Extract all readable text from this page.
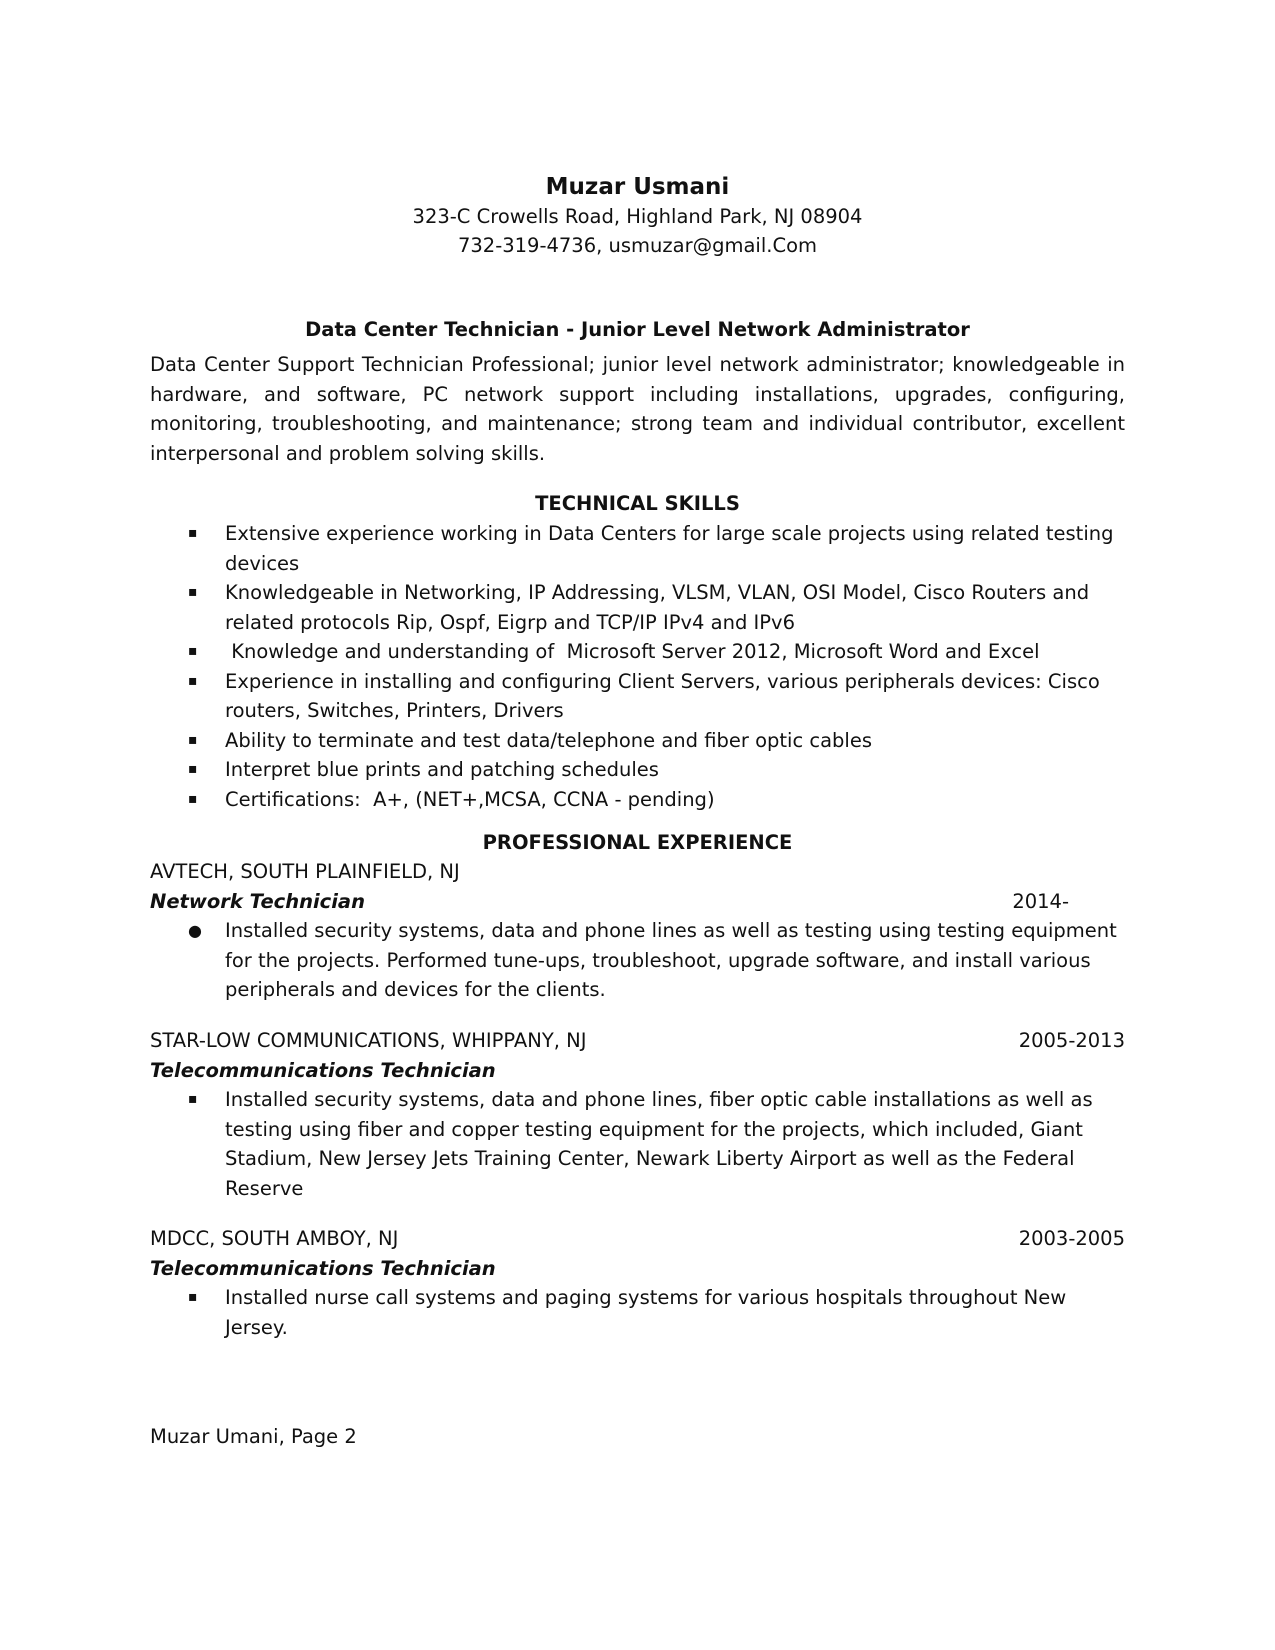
Muzar Usmani
323-C Crowells Road, Highland Park, NJ 08904
732-319-4736, usmuzar@gmail.Com
Data Center Technician - Junior Level Network Administrator
Data Center Support Technician Professional; junior level network administrator; knowledgeable in hardware, and software, PC network support including installations, upgrades, configuring, monitoring, troubleshooting, and maintenance; strong team and individual contributor, excellent interpersonal and problem solving skills.
TECHNICAL SKILLS
▪	Extensive experience working in Data Centers for large scale projects using related testing devices
▪	Knowledgeable in Networking, IP Addressing, VLSM, VLAN, OSI Model, Cisco Routers and related protocols Rip, Ospf, Eigrp and TCP/IP IPv4 and IPv6
▪	Knowledge and understanding of  Microsoft Server 2012, Microsoft Word and Excel
▪	Experience in installing and configuring Client Servers, various peripherals devices: Cisco routers, Switches, Printers, Drivers
▪	Ability to terminate and test data/telephone and fiber optic cables
▪	Interpret blue prints and patching schedules
▪	Certifications:  A+, (NET+,MCSA, CCNA - pending)
PROFESSIONAL EXPERIENCE
AVTECH, SOUTH PLAINFIELD, NJ
Network Technician	2014-
●	Installed security systems, data and phone lines as well as testing using testing equipment for the projects. Performed tune-ups, troubleshoot, upgrade software, and install various peripherals and devices for the clients.
STAR-LOW COMMUNICATIONS, WHIPPANY, NJ	2005-2013
Telecommunications Technician
▪	Installed security systems, data and phone lines, fiber optic cable installations as well as testing using fiber and copper testing equipment for the projects, which included, Giant Stadium, New Jersey Jets Training Center, Newark Liberty Airport as well as the Federal Reserve
MDCC, SOUTH AMBOY, NJ	2003-2005
Telecommunications Technician
▪	Installed nurse call systems and paging systems for various hospitals throughout New Jersey.
Muzar Umani, Page 2
